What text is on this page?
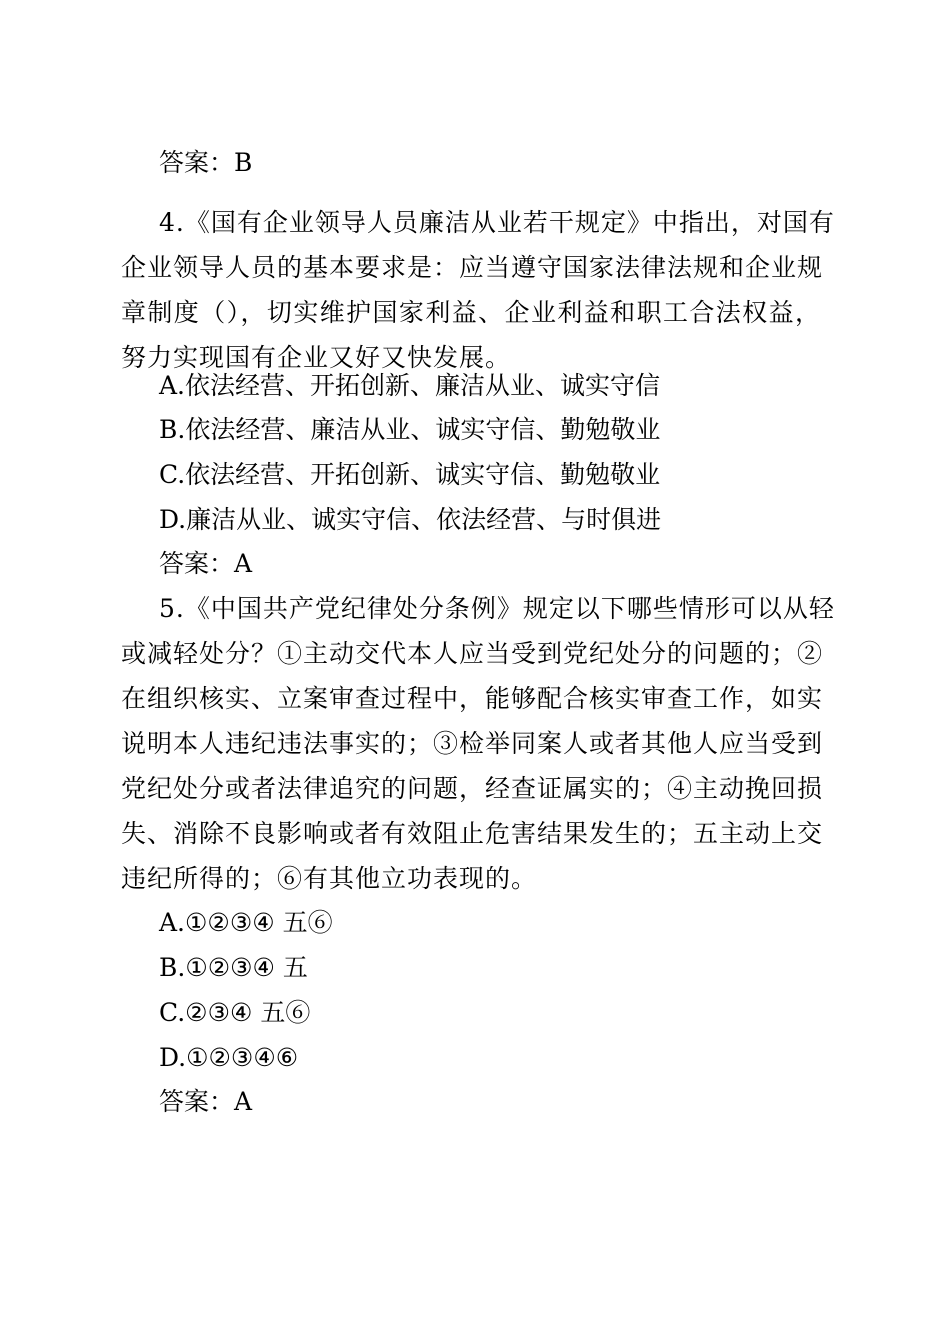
答案：B
4.《国有企业领导人员廉洁从业若干规定》中指出，对国有
企业领导人员的基本要求是：应当遵守国家法律法规和企业规
章制度（），切实维护国家利益、企业利益和职工合法权益，
努力实现国有企业又好又快发展。
A.依法经营、开拓创新、廉洁从业、诚实守信
B.依法经营、廉洁从业、诚实守信、勤勉敬业
C.依法经营、开拓创新、诚实守信、勤勉敬业
D.廉洁从业、诚实守信、依法经营、与时俱进
答案：A
5.《中国共产党纪律处分条例》规定以下哪些情形可以从轻
或减轻处分？①主动交代本人应当受到党纪处分的问题的；②
在组织核实、立案审查过程中，能够配合核实审查工作，如实
说明本人违纪违法事实的；③检举同案人或者其他人应当受到
党纪处分或者法律追究的问题，经查证属实的；④主动挽回损
失、消除不良影响或者有效阻止危害结果发生的；五主动上交
违纪所得的；⑥有其他立功表现的。
A.①②③④ 五⑥
B.①②③④ 五
C.②③④ 五⑥
D.①②③④⑥
答案：A
